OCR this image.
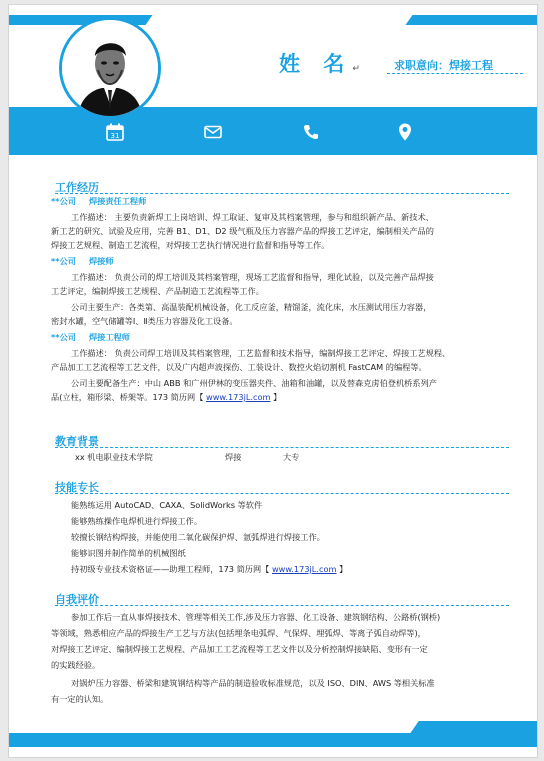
姓 名↵	求职意向：焊接工程
31
工作经历
**公司 焊接责任工程师
工作描述： 主要负责新焊工上岗培训、焊工取证、复审及其档案管理，参与和组织新产品、新技术、
新工艺的研究、试验及应用，完善 B1、D1、D2 级气瓶及压力容器产品的焊接工艺评定，编制相关产品的
焊接工艺规程、制造工艺流程，对焊接工艺执行情况进行监督和指导等工作。
**公司 焊接师
工作描述： 负责公司的焊工培训及其档案管理，现场工艺监督和指导，理化试验，以及完善产品焊接
工艺评定，编制焊接工艺规程、产品制造工艺流程等工作。
公司主要生产：各类第、高温装配机械设备，化工反应釜，精馏釜，流化床，水压测试用压力容器，
密封水罐，空气储罐等Ⅰ、Ⅱ类压力容器及化工设备。
**公司 焊接工程师
工作描述： 负责公司焊工培训及其档案管理，工艺监督和技术指导，编制焊接工艺评定、焊接工艺规程、
产品加工工艺流程等工艺文件，以及广内超声波探伤、工装设计、数控火焰切割机 FastCAM 的编程等。
公司主要配备生产：中山 ABB 和广州伊林的变压器夹件、油箱和油罐，以及替森克虏伯登机桥系列产
品(立柱，箱形梁、桥架等。173 简历网【 www.173jL.com 】
教育背景
xx 机电职业技术学院	焊接	大专
技能专长
能熟练运用 AutoCAD、CAXA、SolidWorks 等软件
能够熟练操作电焊机进行焊接工作。
较擅长钢结构焊接，并能使用二氧化碳保护焊、氩弧焊进行焊接工作。
能够识图并制作简单的机械图纸
持初级专业技术资格证——助理工程师，173 简历网【 www.173jL.com 】
自我评价
参加工作后一直从事焊接技术、管理等相关工作,涉及压力容器、化工设备、建筑钢结构、公路桥(钢桥)
等领域，熟悉相应产品的焊接生产工艺与方法(包括埋条电弧焊、气保焊、埋弧焊、等离子弧自动焊等)，
对焊接工艺评定、编制焊接工艺规程、产品加工工艺流程等工艺文件以及分析控制焊接缺陷、变形有一定
的实践经验。
对锅炉压力容器、桥梁和建筑钢结构等产品的制造验收标准规范，以及 ISO、DIN、AWS 等相关标准
有一定的认知。
